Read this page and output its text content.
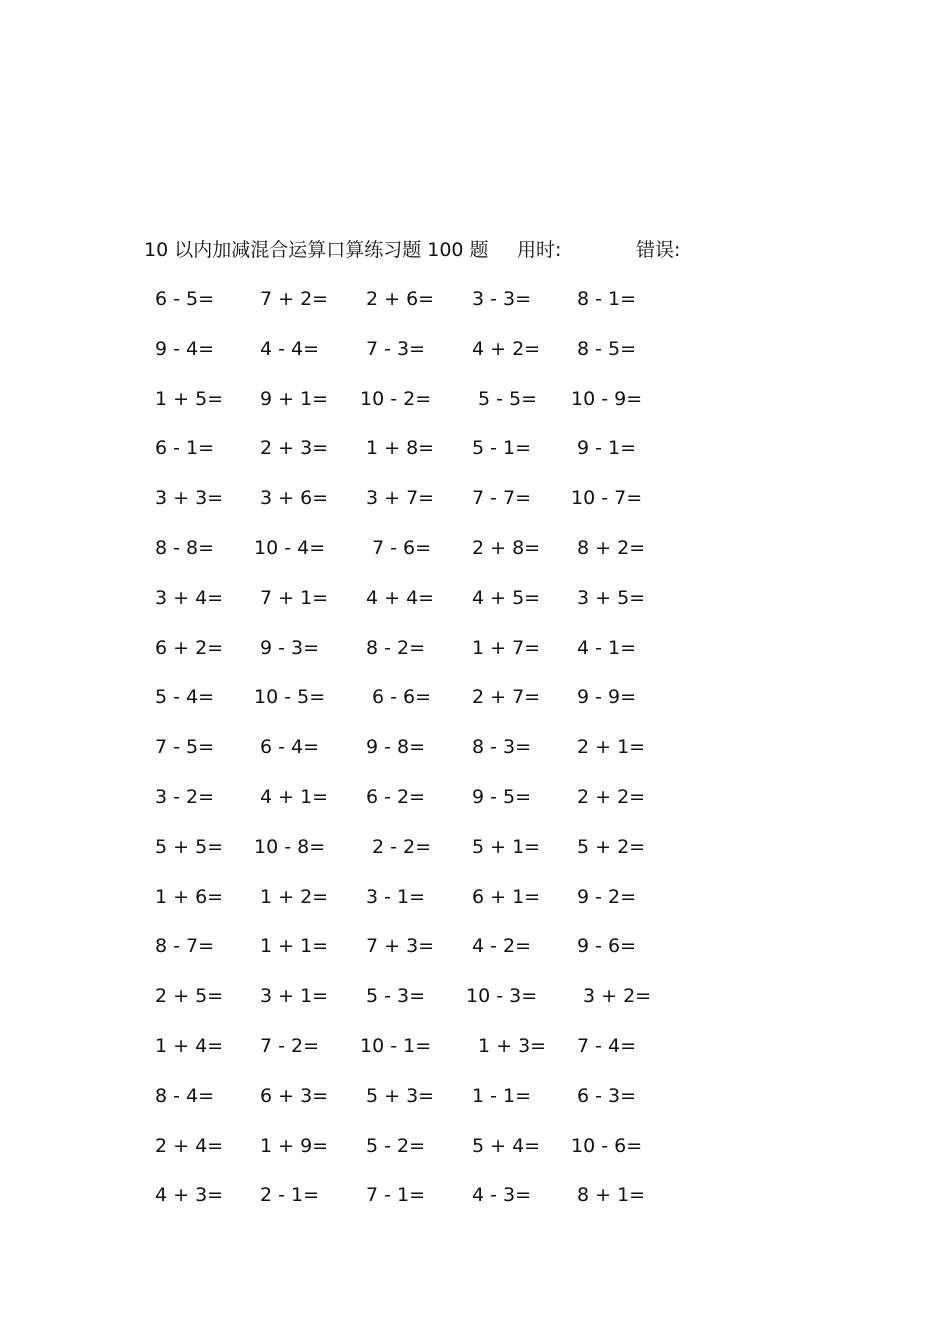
10 以内加减混合运算口算练习题 100 题 用时:	错误:
6 - 5= 7 + 2= 2 + 6= 3 - 3= 8 - 1=
9 - 4= 4 - 4= 7 - 3= 4 + 2= 8 - 5=
1 + 5= 9 + 1= 10 - 2= 5 - 5= 10 - 9=
6 - 1= 2 + 3= 1 + 8= 5 - 1= 9 - 1=
3 + 3= 3 + 6= 3 + 7= 7 - 7= 10 - 7=
8 - 8= 10 - 4= 7 - 6= 2 + 8= 8 + 2=
3 + 4= 7 + 1= 4 + 4= 4 + 5= 3 + 5=
6 + 2= 9 - 3= 8 - 2= 1 + 7= 4 - 1=
5 - 4= 10 - 5= 6 - 6= 2 + 7= 9 - 9=
7 - 5= 6 - 4= 9 - 8= 8 - 3= 2 + 1=
3 - 2= 4 + 1= 6 - 2= 9 - 5= 2 + 2=
5 + 5= 10 - 8= 2 - 2= 5 + 1= 5 + 2=
1 + 6= 1 + 2= 3 - 1= 6 + 1= 9 - 2=
8 - 7= 1 + 1= 7 + 3= 4 - 2= 9 - 6=
2 + 5= 3 + 1= 5 - 3= 10 - 3= 3 + 2=
1 + 4= 7 - 2= 10 - 1= 1 + 3= 7 - 4=
8 - 4= 6 + 3= 5 + 3= 1 - 1= 6 - 3=
2 + 4= 1 + 9= 5 - 2= 5 + 4= 10 - 6=
4 + 3= 2 - 1= 7 - 1= 4 - 3= 8 + 1=
